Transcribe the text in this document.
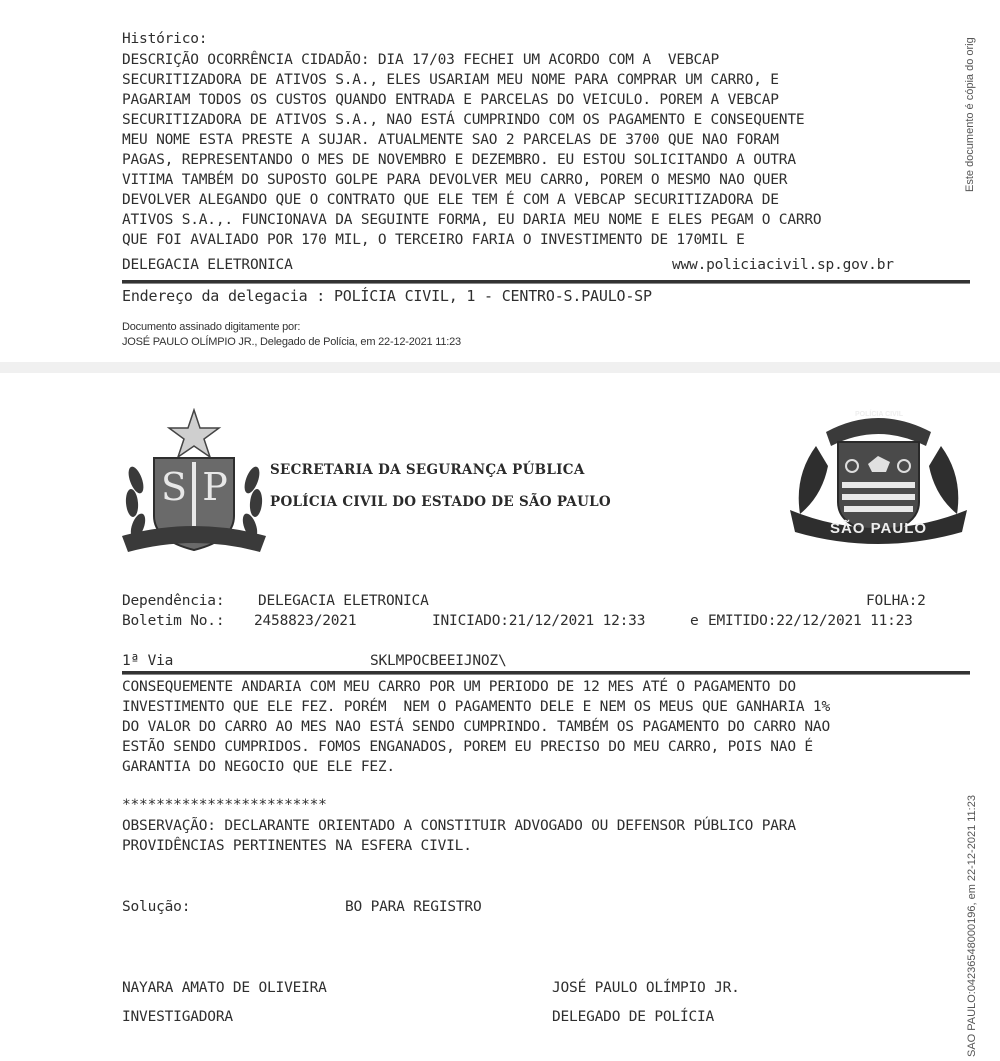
Histórico:
DESCRIÇÃO OCORRÊNCIA CIDADÃO: DIA 17/03 FECHEI UM ACORDO COM A  VEBCAP
SECURITIZADORA DE ATIVOS S.A., ELES USARIAM MEU NOME PARA COMPRAR UM CARRO, E
PAGARIAM TODOS OS CUSTOS QUANDO ENTRADA E PARCELAS DO VEICULO. POREM A VEBCAP
SECURITIZADORA DE ATIVOS S.A., NAO ESTÁ CUMPRINDO COM OS PAGAMENTO E CONSEQUENTE
MEU NOME ESTA PRESTE A SUJAR. ATUALMENTE SAO 2 PARCELAS DE 3700 QUE NAO FORAM
PAGAS, REPRESENTANDO O MES DE NOVEMBRO E DEZEMBRO. EU ESTOU SOLICITANDO A OUTRA
VITIMA TAMBÉM DO SUPOSTO GOLPE PARA DEVOLVER MEU CARRO, POREM O MESMO NAO QUER
DEVOLVER ALEGANDO QUE O CONTRATO QUE ELE TEM É COM A VEBCAP SECURITIZADORA DE
ATIVOS S.A.,. FUNCIONAVA DA SEGUINTE FORMA, EU DARIA MEU NOME E ELES PEGAM O CARRO
QUE FOI AVALIADO POR 170 MIL, O TERCEIRO FARIA O INVESTIMENTO DE 170MIL E
DELEGACIA ELETRONICA	www.policiacivil.sp.gov.br
Endereço da delegacia : POLÍCIA CIVIL, 1 - CENTRO-S.PAULO-SP
Documento assinado digitamente por:
JOSÉ PAULO OLÍMPIO JR., Delegado de Polícia, em 22-12-2021 11:23
Este documento é cópia do orig
S P	SECRETARIA DA SEGURANÇA PÚBLICA
POLÍCIA CIVIL DO ESTADO DE SÃO PAULO
POLÍCIA CIVIL
SÃO PAULO
Dependência: DELEGACIA ELETRONICA	FOLHA:2
Boletim No.: 2458823/2021	INICIADO:21/12/2021 12:33	e EMITIDO:22/12/2021 11:23
1ª Via	SKLMPOCBEEIJNOZ\
CONSEQUEMENTE ANDARIA COM MEU CARRO POR UM PERIODO DE 12 MES ATÉ O PAGAMENTO DO
INVESTIMENTO QUE ELE FEZ. PORÉM  NEM O PAGAMENTO DELE E NEM OS MEUS QUE GANHARIA 1%
DO VALOR DO CARRO AO MES NAO ESTÁ SENDO CUMPRINDO. TAMBÉM OS PAGAMENTO DO CARRO NAO
ESTÃO SENDO CUMPRIDOS. FOMOS ENGANADOS, POREM EU PRECISO DO MEU CARRO, POIS NAO É
GARANTIA DO NEGOCIO QUE ELE FEZ.
************************
OBSERVAÇÃO: DECLARANTE ORIENTADO A CONSTITUIR ADVOGADO OU DEFENSOR PÚBLICO PARA
PROVIDÊNCIAS PERTINENTES NA ESFERA CIVIL.
Solução:	BO PARA REGISTRO
NAYARA AMATO DE OLIVEIRA
INVESTIGADORA
JOSÉ PAULO OLÍMPIO JR.
DELEGADO DE POLÍCIA	SAO PAULO:04236548000196, em 22-12-2021 11:23
